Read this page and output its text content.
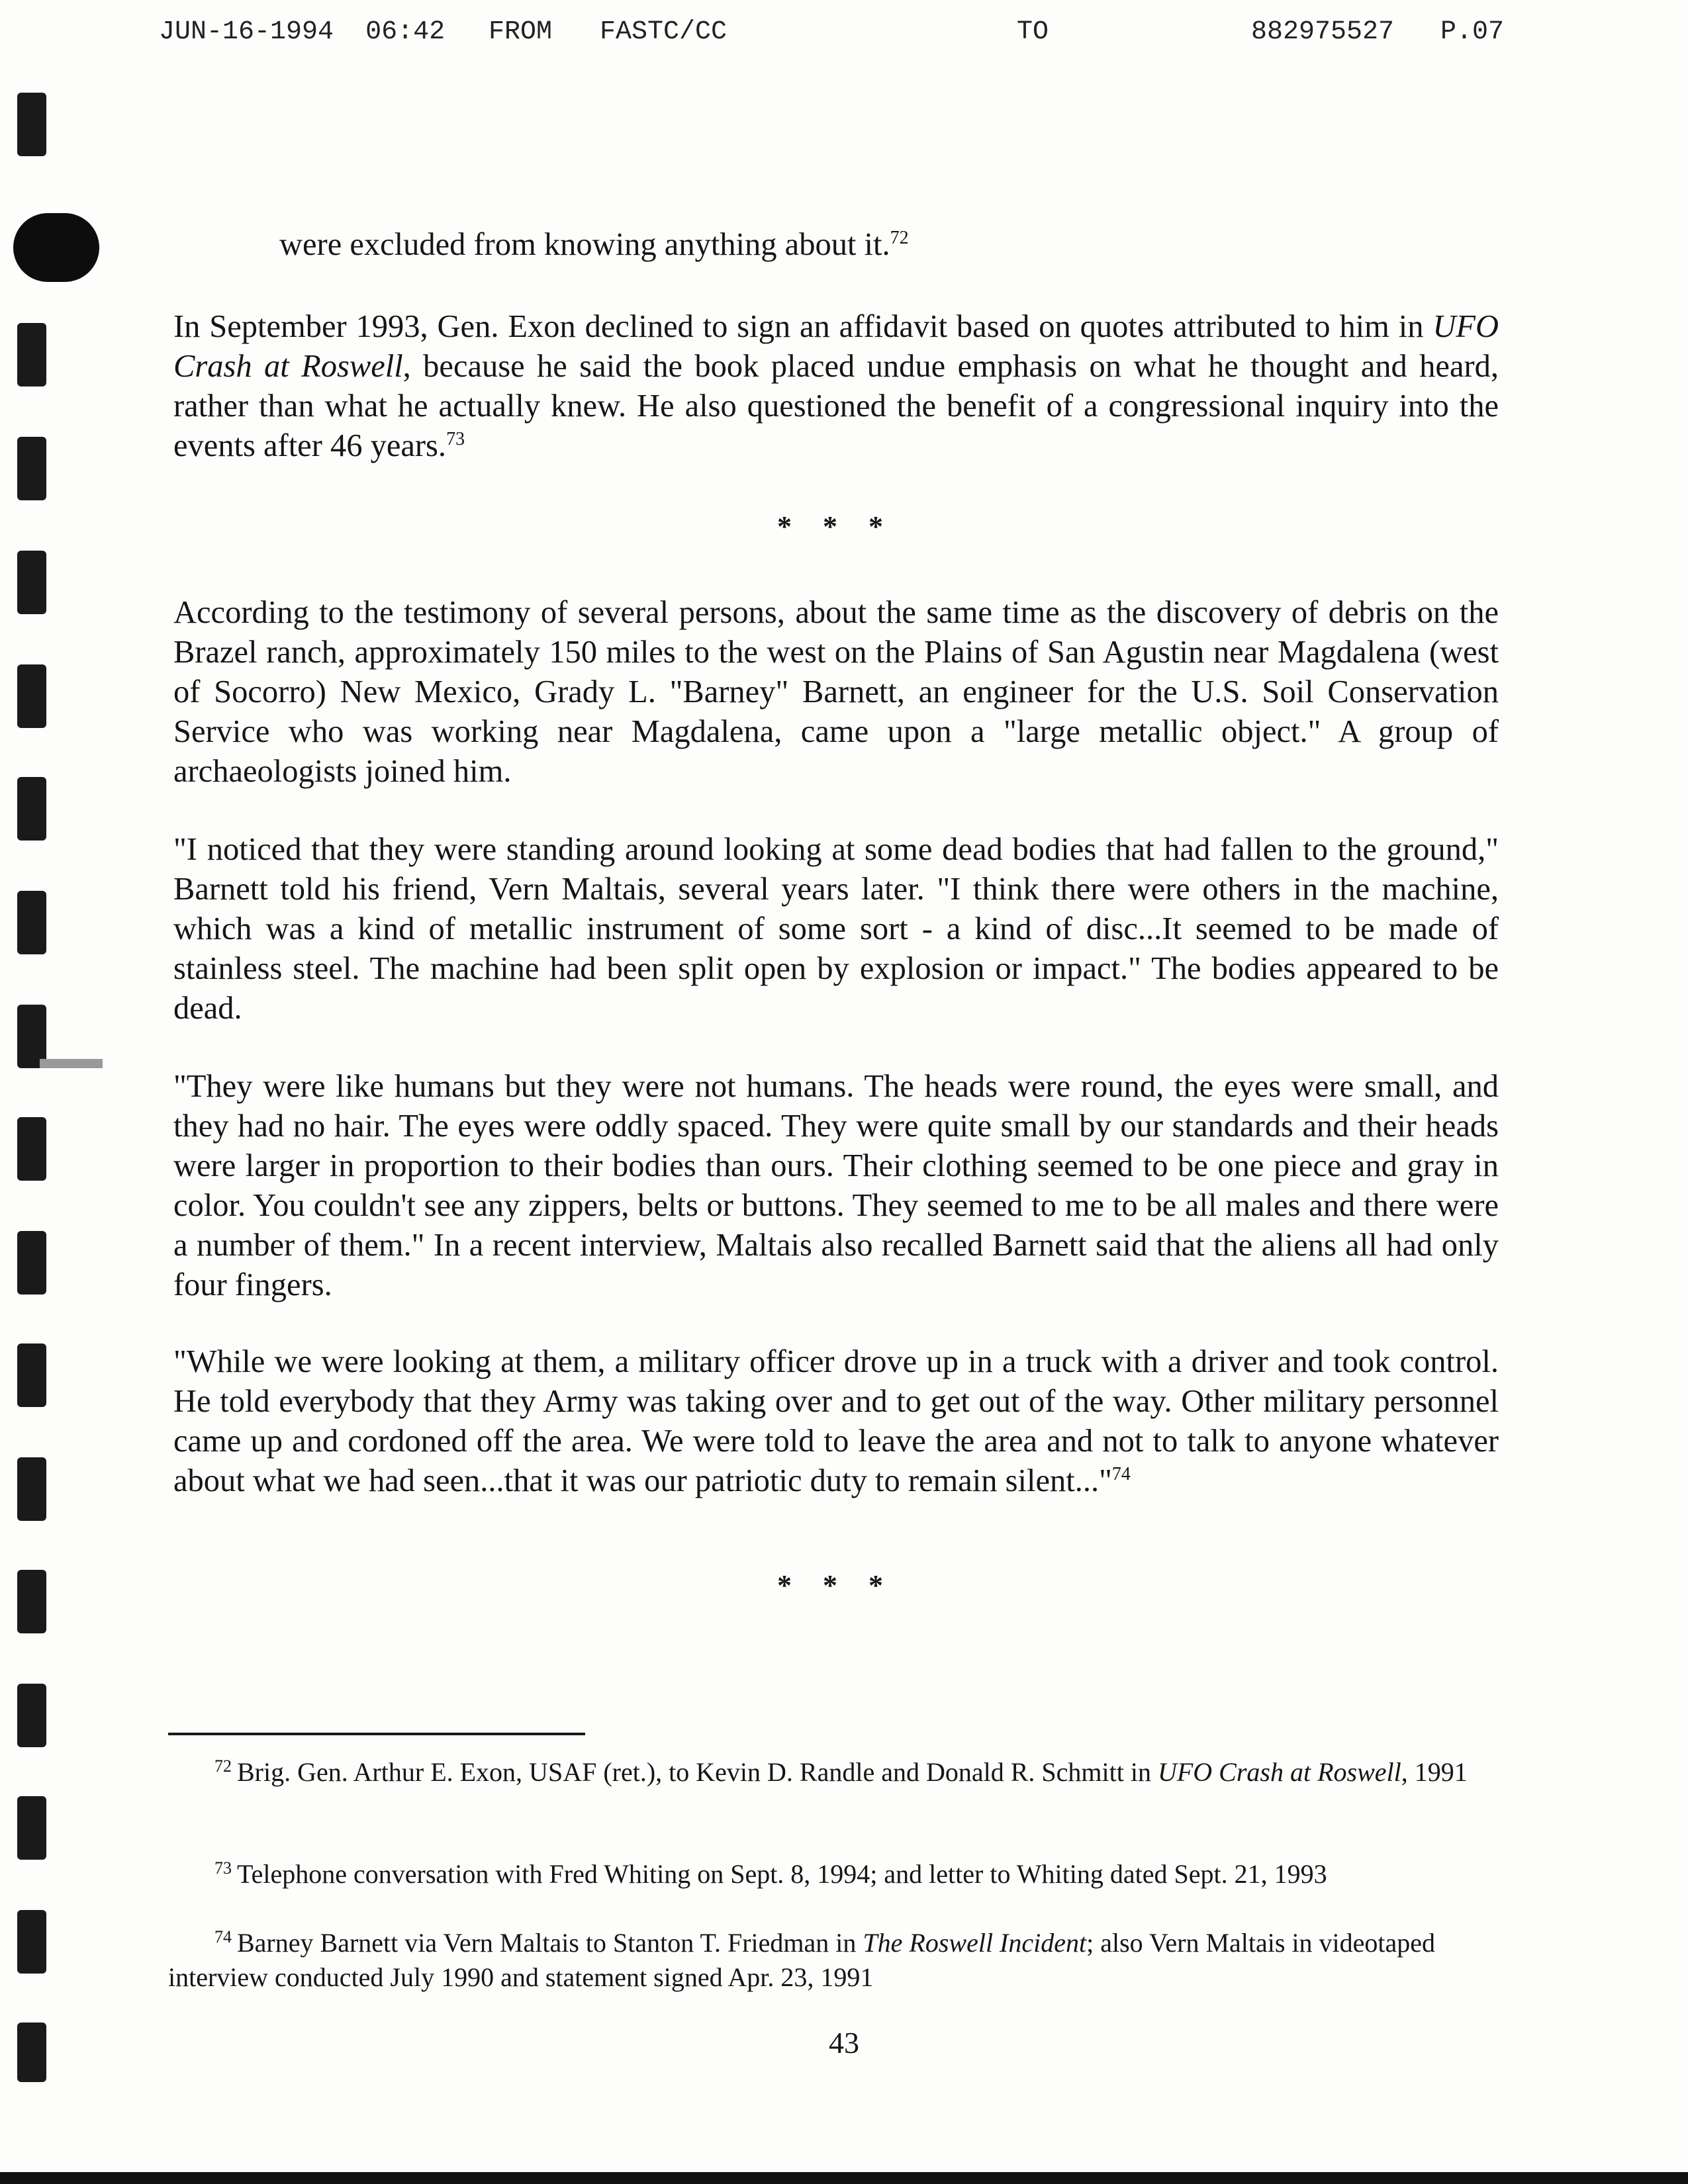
JUN-16-1994 06:42 FROM FASTC/CC	TO	882975527 P.07

were excluded from knowing anything about it.$^{72}$

In September 1993, Gen. Exon declined to sign an affidavit based on quotes attributed to him in UFO Crash at Roswell, because he said the book placed undue emphasis on what he thought and heard, rather than what he actually knew. He also questioned the benefit of a congressional inquiry into the events after 46 years.$^{73}$

* * *

According to the testimony of several persons, about the same time as the discovery of debris on the Brazel ranch, approximately 150 miles to the west on the Plains of San Agustin near Magdalena (west of Socorro) New Mexico, Grady L. "Barney" Barnett, an engineer for the U.S. Soil Conservation Service who was working near Magdalena, came upon a "large metallic object." A group of archaeologists joined him.

"I noticed that they were standing around looking at some dead bodies that had fallen to the ground," Barnett told his friend, Vern Maltais, several years later. "I think there were others in the machine, which was a kind of metallic instrument of some sort - a kind of disc...It seemed to be made of stainless steel. The machine had been split open by explosion or impact." The bodies appeared to be dead.

"They were like humans but they were not humans. The heads were round, the eyes were small, and they had no hair. The eyes were oddly spaced. They were quite small by our standards and their heads were larger in proportion to their bodies than ours. Their clothing seemed to be one piece and gray in color. You couldn't see any zippers, belts or buttons. They seemed to me to be all males and there were a number of them." In a recent interview, Maltais also recalled Barnett said that the aliens all had only four fingers.

"While we were looking at them, a military officer drove up in a truck with a driver and took control. He told everybody that they Army was taking over and to get out of the way. Other military personnel came up and cordoned off the area. We were told to leave the area and not to talk to anyone whatever about what we had seen...that it was our patriotic duty to remain silent..."$^{74}$

* * *

$^{72}$ Brig. Gen. Arthur E. Exon, USAF (ret.), to Kevin D. Randle and Donald R. Schmitt in UFO Crash at Roswell, 1991

$^{73}$ Telephone conversation with Fred Whiting on Sept. 8, 1994; and letter to Whiting dated Sept. 21, 1993

$^{74}$ Barney Barnett via Vern Maltais to Stanton T. Friedman in The Roswell Incident; also Vern Maltais in videotaped interview conducted July 1990 and statement signed Apr. 23, 1991

43
